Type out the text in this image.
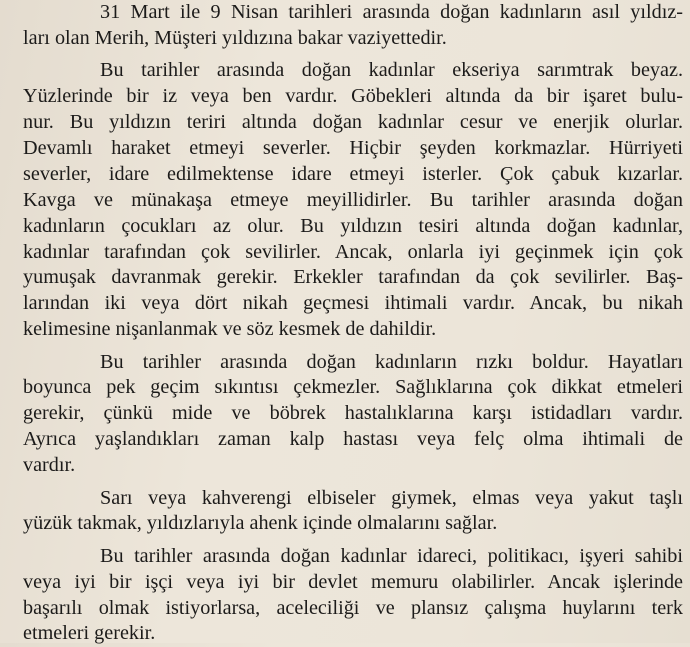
31 Mart ile 9 Nisan tarihleri arasında doğan kadınların asıl yıldız-
ları olan Merih, Müşteri yıldızına bakar vaziyettedir.
Bu tarihler arasında doğan kadınlar ekseriya sarımtrak beyaz.
Yüzlerinde bir iz veya ben vardır. Göbekleri altında da bir işaret bulu-
nur. Bu yıldızın teriri altında doğan kadınlar cesur ve enerjik olurlar.
Devamlı haraket etmeyi severler. Hiçbir şeyden korkmazlar. Hürriyeti
severler, idare edilmektense idare etmeyi isterler. Çok çabuk kızarlar.
Kavga ve münakaşa etmeye meyillidirler. Bu tarihler arasında doğan
kadınların çocukları az olur. Bu yıldızın tesiri altında doğan kadınlar,
kadınlar tarafından çok sevilirler. Ancak, onlarla iyi geçinmek için çok
yumuşak davranmak gerekir. Erkekler tarafından da çok sevilirler. Baş-
larından iki veya dört nikah geçmesi ihtimali vardır. Ancak, bu nikah
kelimesine nişanlanmak ve söz kesmek de dahildir.
Bu tarihler arasında doğan kadınların rızkı boldur. Hayatları
boyunca pek geçim sıkıntısı çekmezler. Sağlıklarına çok dikkat etmeleri
gerekir, çünkü mide ve böbrek hastalıklarına karşı istidadları vardır.
Ayrıca yaşlandıkları zaman kalp hastası veya felç olma ihtimali de
vardır.
Sarı veya kahverengi elbiseler giymek, elmas veya yakut taşlı
yüzük takmak, yıldızlarıyla ahenk içinde olmalarını sağlar.
Bu tarihler arasında doğan kadınlar idareci, politikacı, işyeri sahibi
veya iyi bir işçi veya iyi bir devlet memuru olabilirler. Ancak işlerinde
başarılı olmak istiyorlarsa, aceleciliği ve plansız çalışma huylarını terk
etmeleri gerekir.
